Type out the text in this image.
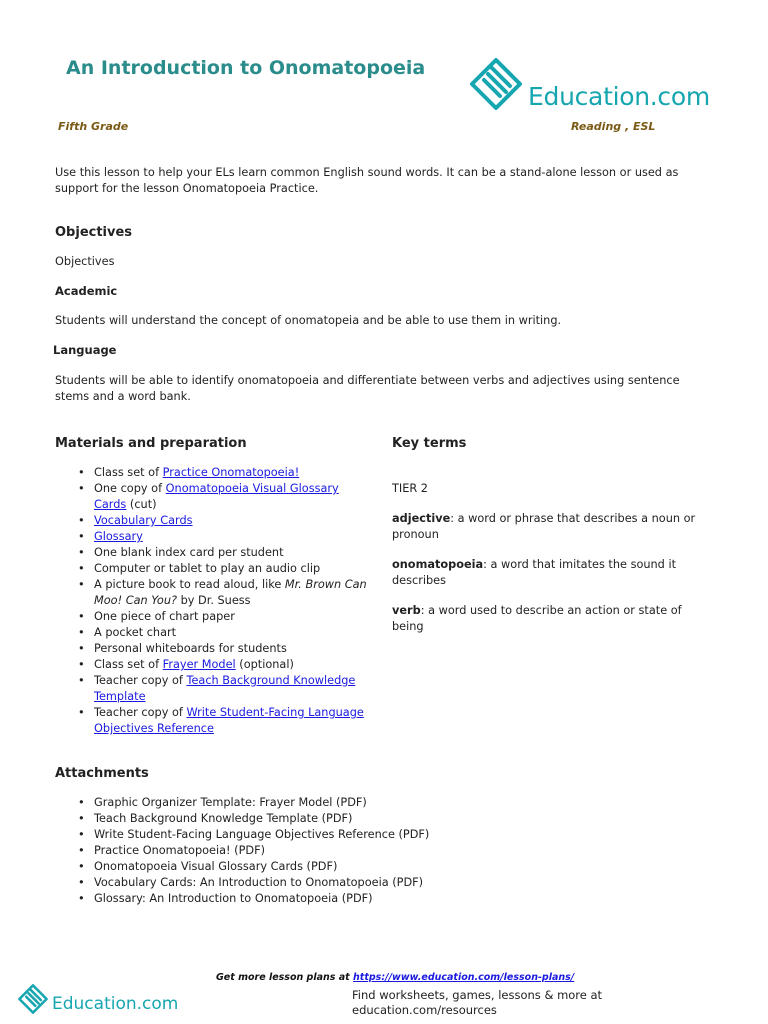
An Introduction to Onomatopoeia
Education.com
Fifth Grade	Reading , ESL
Use this lesson to help your ELs learn common English sound words. It can be a stand-alone lesson or used as support for the lesson Onomatopoeia Practice.
Objectives
Objectives
Academic
Students will understand the concept of onomatopeia and be able to use them in writing.
Language
Students will be able to identify onomatopoeia and differentiate between verbs and adjectives using sentence stems and a word bank.
Materials and preparation
• Class set of Practice Onomatopoeia!
• One copy of Onomatopoeia Visual Glossary Cards (cut)
• Vocabulary Cards
• Glossary
• One blank index card per student
• Computer or tablet to play an audio clip
• A picture book to read aloud, like Mr. Brown Can Moo! Can You? by Dr. Suess
• One piece of chart paper
• A pocket chart
• Personal whiteboards for students
• Class set of Frayer Model (optional)
• Teacher copy of Teach Background Knowledge Template
• Teacher copy of Write Student-Facing Language Objectives Reference
Key terms
TIER 2

adjective: a word or phrase that describes a noun or pronoun

onomatopoeia: a word that imitates the sound it describes

verb: a word used to describe an action or state of being

Attachments
• Graphic Organizer Template: Frayer Model (PDF)
• Teach Background Knowledge Template (PDF)
• Write Student-Facing Language Objectives Reference (PDF)
• Practice Onomatopoeia! (PDF)
• Onomatopoeia Visual Glossary Cards (PDF)
• Vocabulary Cards: An Introduction to Onomatopoeia (PDF)
• Glossary: An Introduction to Onomatopoeia (PDF)
Get more lesson plans at https://www.education.com/lesson-plans/
Education.com	Find worksheets, games, lessons & more at education.com/resources
